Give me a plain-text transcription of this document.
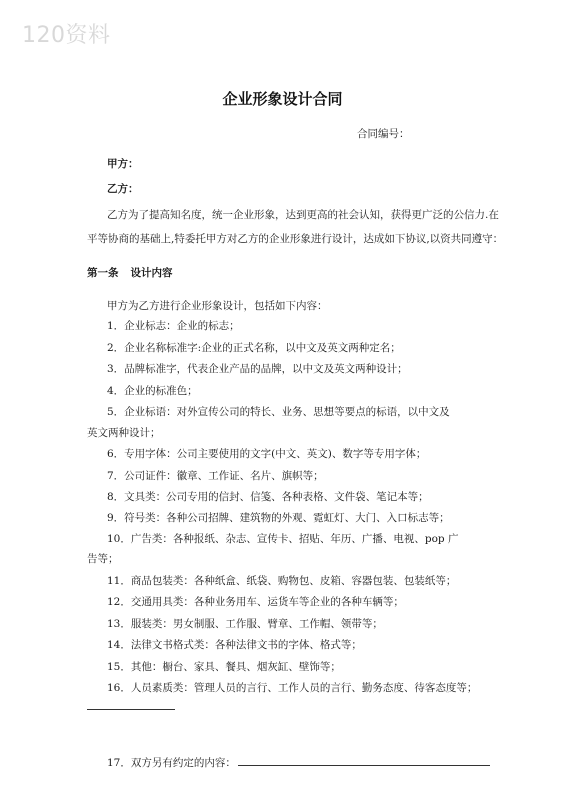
120资料
企业形象设计合同
合同编号：
甲方：
乙方：
乙方为了提高知名度，统一企业形象，达到更高的社会认知，获得更广泛的公信力.在
平等协商的基础上,特委托甲方对乙方的企业形象进行设计，达成如下协议,以资共同遵守：
第一条 设计内容
甲方为乙方进行企业形象设计，包括如下内容：
1．企业标志：企业的标志；
2．企业名称标准字:企业的正式名称，以中文及英文两种定名；
3．品牌标准字，代表企业产品的品牌，以中文及英文两种设计；
4．企业的标准色；
5．企业标语：对外宣传公司的特长、业务、思想等要点的标语，以中文及
英文两种设计；
6．专用字体：公司主要使用的文字(中文、英文)、数字等专用字体；
7．公司证件：徽章、工作证、名片、旗帜等；
8．文具类：公司专用的信封、信笺、各种表格、文件袋、笔记本等；
9．符号类：各种公司招牌、建筑物的外观、霓虹灯、大门、入口标志等；
10．广告类：各种报纸、杂志、宣传卡、招贴、年历、广播、电视、pop 广
告等；
11．商品包装类：各种纸盒、纸袋、购物包、皮箱、容器包装、包装纸等；
12．交通用具类：各种业务用车、运货车等企业的各种车辆等；
13．服装类：男女制服、工作服、臂章、工作帽、领带等；
14．法律文书格式类：各种法律文书的字体、格式等；
15．其他：橱台、家具、餐具、烟灰缸、壁饰等；
16．人员素质类：管理人员的言行、工作人员的言行、勤务态度、待客态度等；
17．双方另有约定的内容：
